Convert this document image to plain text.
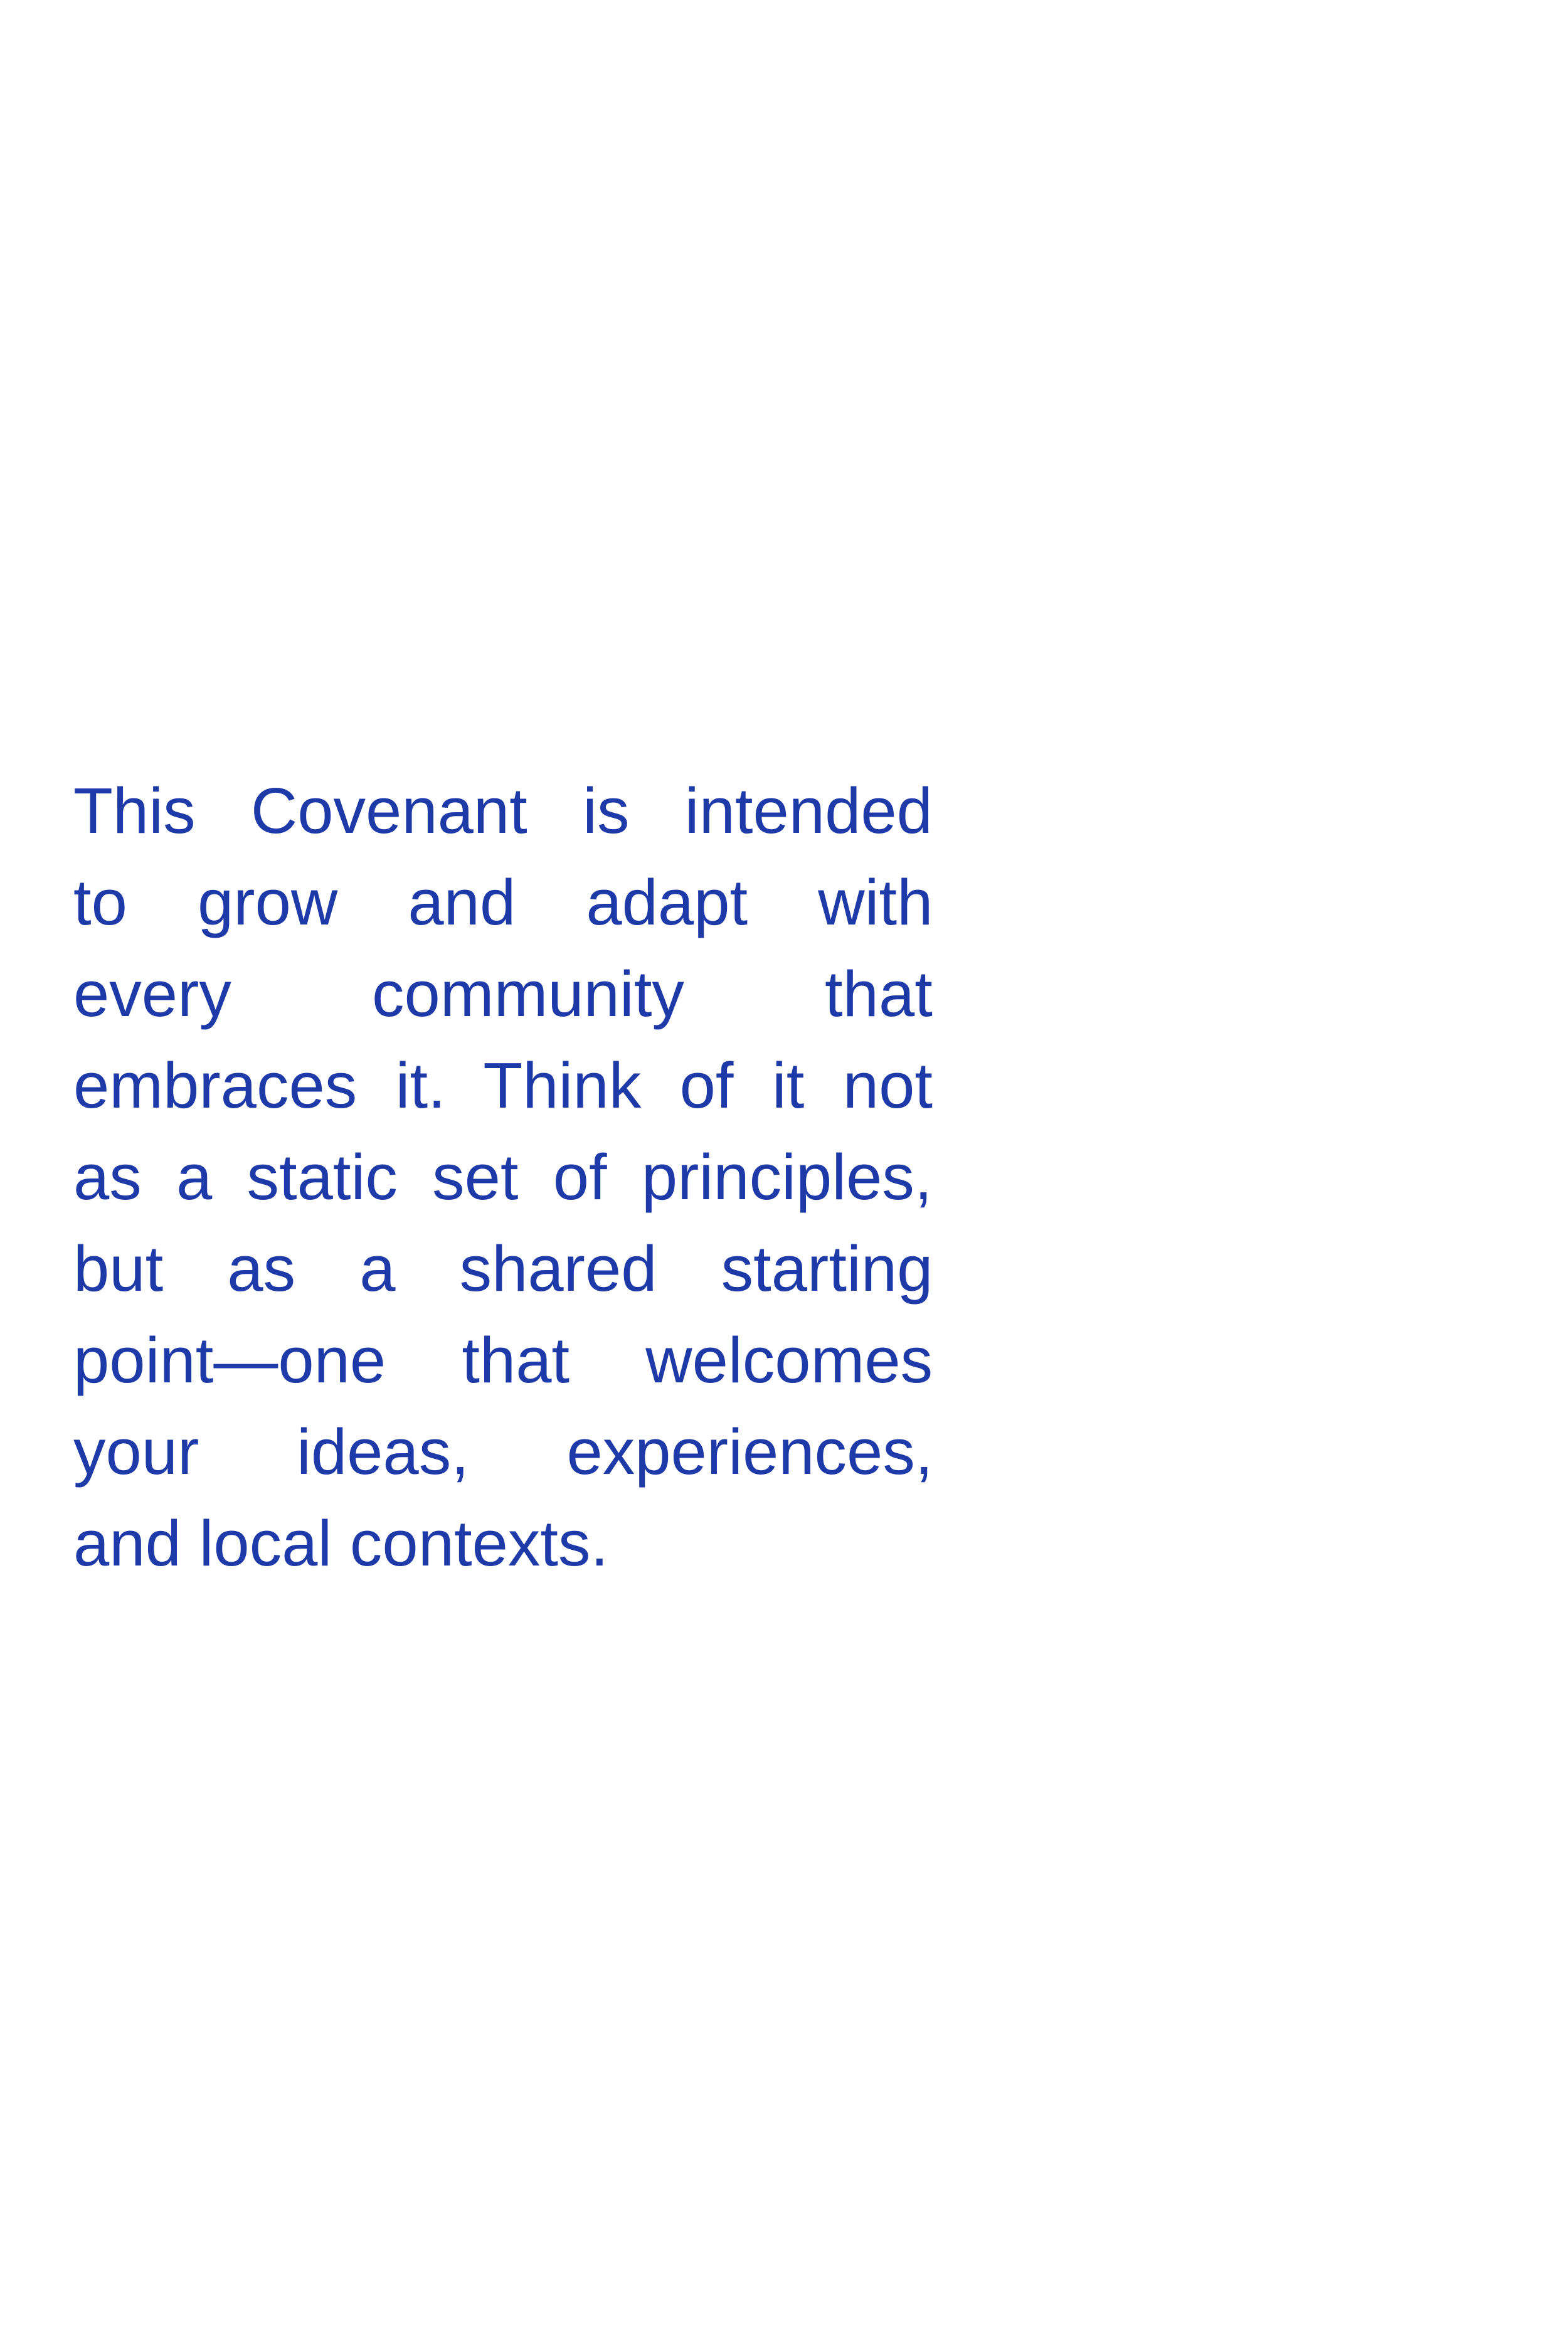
This Covenant is intended
to grow and adapt with
every community that
embraces it. Think of it not
as a static set of principles,
but as a shared starting
point—one that welcomes
your ideas, experiences,
and local contexts.
